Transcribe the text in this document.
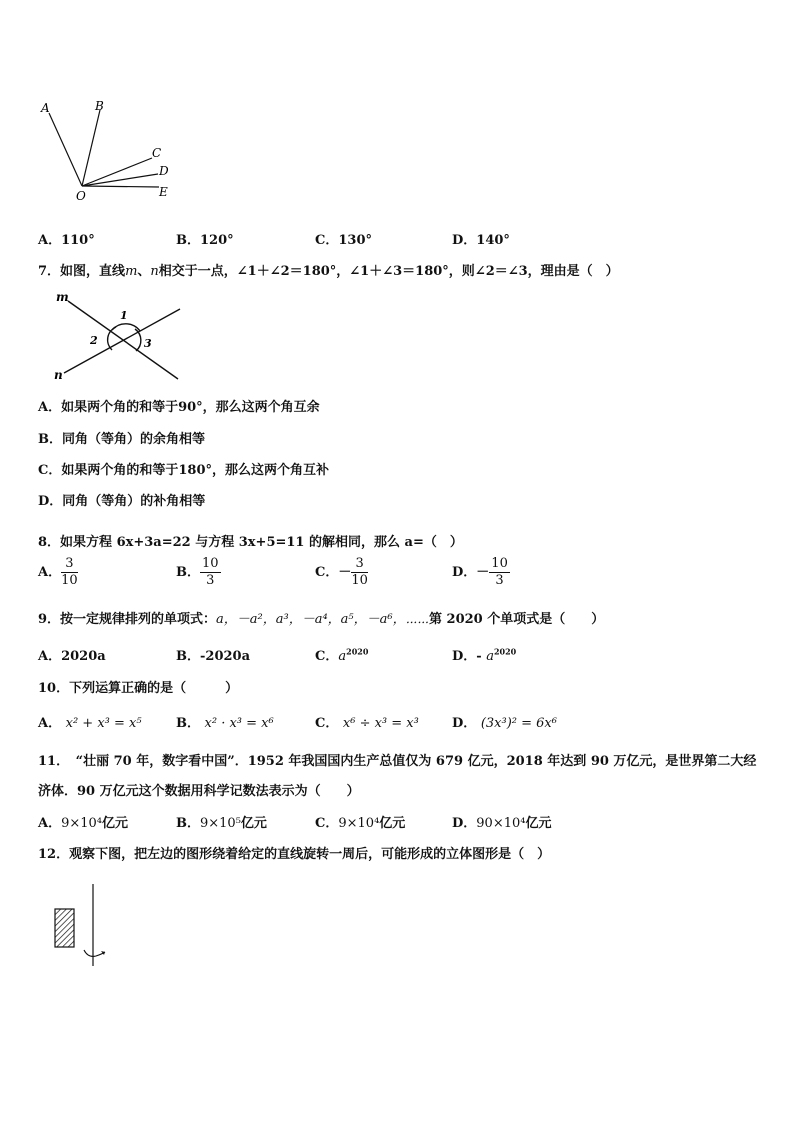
A	B
C
D
O	E
A．110°	B．120°	C．130°	D．140°
7．如图，直线m、n相交于一点，∠1＋∠2＝180°，∠1＋∠3＝180°，则∠2＝∠3，理由是（　）
m
n
1
2	3
A．如果两个角的和等于90°，那么这两个角互余
B．同角（等角）的余角相等
C．如果两个角的和等于180°，那么这两个角互补
D．同角（等角）的补角相等
8．如果方程 6x+3a=22 与方程 3x+5=11 的解相同，那么 a=（　）
A． $\frac{3}{10}$	B． $\frac{10}{3}$	C．－ $\frac{3}{10}$	D．－ $\frac{10}{3}$
9．按一定规律排列的单项式：a，－a²，a³，－a⁴，a⁵，－a⁶，⋯⋯第 2020 个单项式是（　　）
A．2020a	B．-2020a	C．$a^{2020}$	D．- $a^{2020}$
10．下列运算正确的是（　　　）
A． x² + x³ = x⁵	B． x² · x³ = x⁶	C． x⁶ ÷ x³ = x³	D． (3x³)² = 6x⁶
11．　“壮丽 70 年，数字看中国”．1952 年我国国内生产总值仅为 679 亿元，2018 年达到 90 万亿元，是世界第二大经
济体．90 万亿元这个数据用科学记数法表示为（　　）
A．9×10⁴亿元	B．9×10⁵亿元	C．9×10⁴亿元	D．90×10⁴亿元
12．观察下图，把左边的图形绕着给定的直线旋转一周后，可能形成的立体图形是（　）
